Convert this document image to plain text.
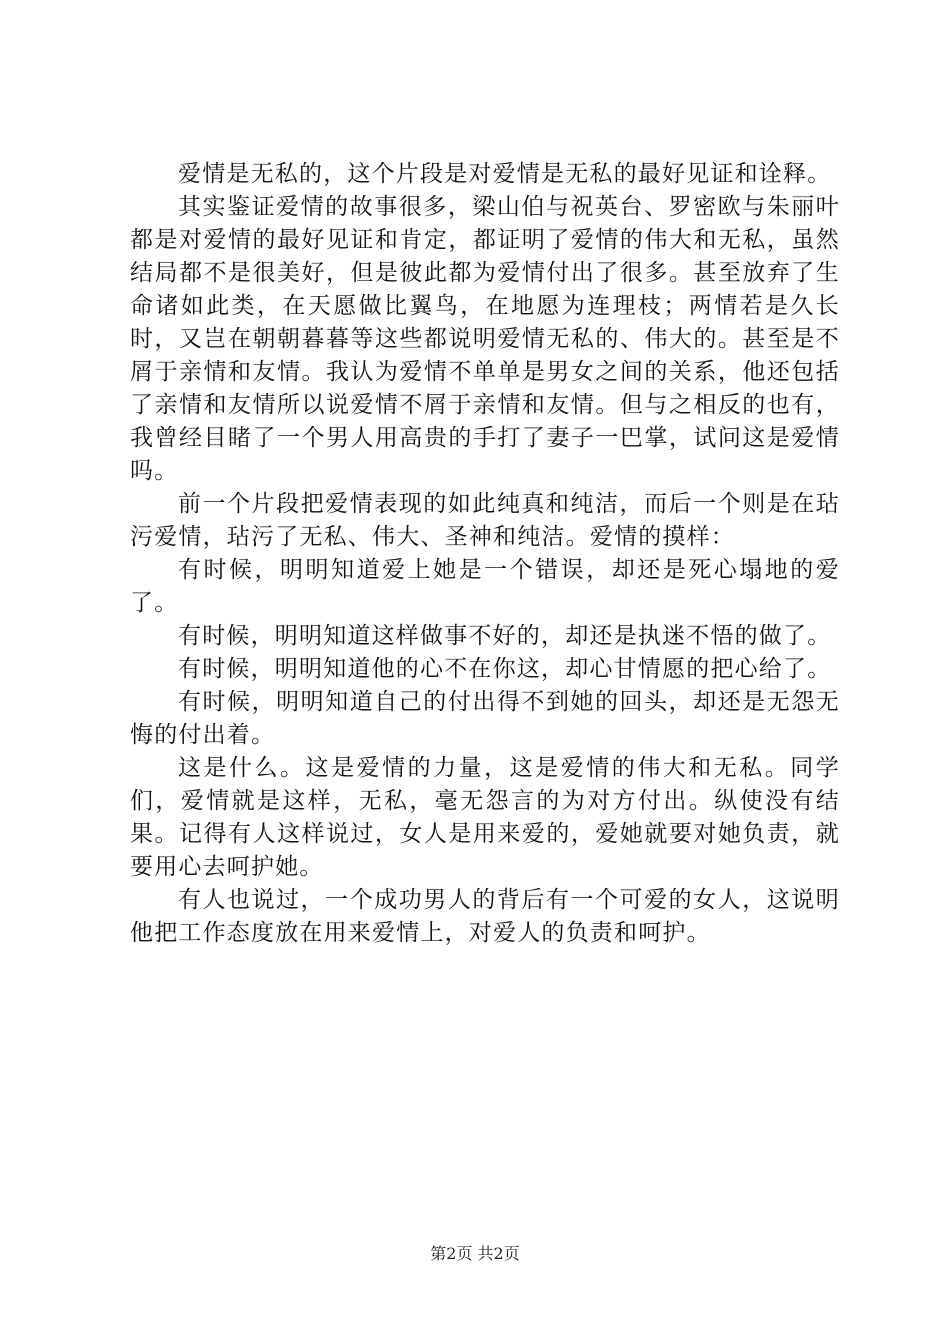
爱情是无私的，这个片段是对爱情是无私的最好见证和诠释。

其实鉴证爱情的故事很多，梁山伯与祝英台、罗密欧与朱丽叶都是对爱情的最好见证和肯定，都证明了爱情的伟大和无私，虽然结局都不是很美好，但是彼此都为爱情付出了很多。甚至放弃了生命诸如此类，在天愿做比翼鸟，在地愿为连理枝；两情若是久长时，又岂在朝朝暮暮等这些都说明爱情无私的、伟大的。甚至是不屑于亲情和友情。我认为爱情不单单是男女之间的关系，他还包括了亲情和友情所以说爱情不屑于亲情和友情。但与之相反的也有，我曾经目睹了一个男人用高贵的手打了妻子一巴掌，试问这是爱情吗。

前一个片段把爱情表现的如此纯真和纯洁，而后一个则是在玷污爱情，玷污了无私、伟大、圣神和纯洁。爱情的摸样：

有时候，明明知道爱上她是一个错误，却还是死心塌地的爱了。

有时候，明明知道这样做事不好的，却还是执迷不悟的做了。

有时候，明明知道他的心不在你这，却心甘情愿的把心给了。

有时候，明明知道自己的付出得不到她的回头，却还是无怨无悔的付出着。

这是什么。这是爱情的力量，这是爱情的伟大和无私。同学们，爱情就是这样，无私，毫无怨言的为对方付出。纵使没有结果。记得有人这样说过，女人是用来爱的，爱她就要对她负责，就要用心去呵护她。

有人也说过，一个成功男人的背后有一个可爱的女人，这说明他把工作态度放在用来爱情上，对爱人的负责和呵护。

第2页 共2页
